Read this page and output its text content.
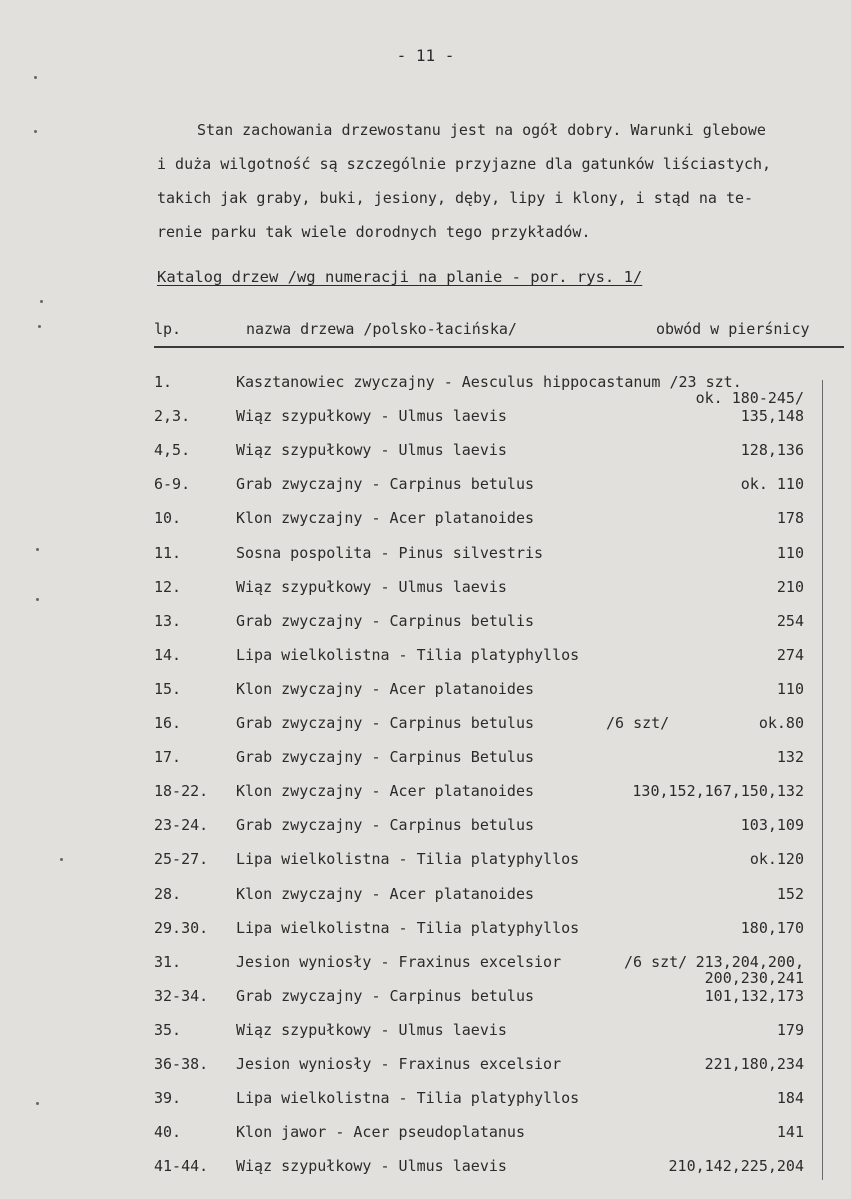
- 11 -
Stan zachowania drzewostanu jest na ogół dobry. Warunki glebowe
i duża wilgotność są szczególnie przyjazne dla gatunków liściastych,
takich jak graby, buki, jesiony, dęby, lipy i klony, i stąd na te-
renie parku tak wiele dorodnych tego przykładów.
Katalog drzew /wg numeracji na planie - por. rys. 1/
lp.	nazwa drzewa /polsko-łacińska/	obwód w pierśnicy
1.	Kasztanowiec zwyczajny - Aesculus hippocastanum /23 szt.
ok. 180-245/
2,3.	Wiąz szypułkowy - Ulmus laevis	135,148
4,5.	Wiąz szypułkowy - Ulmus laevis	128,136
6-9.	Grab zwyczajny - Carpinus betulus	ok. 110
10.	Klon zwyczajny - Acer platanoides	178
11.	Sosna pospolita - Pinus silvestris	110
12.	Wiąz szypułkowy - Ulmus laevis	210
13.	Grab zwyczajny - Carpinus betulis	254
14.	Lipa wielkolistna - Tilia platyphyllos	274
15.	Klon zwyczajny - Acer platanoides	110
16.	Grab zwyczajny - Carpinus betulus	/6 szt/	ok.80
17.	Grab zwyczajny - Carpinus Betulus	132
18-22. Klon zwyczajny - Acer platanoides	130,152,167,150,132
23-24. Grab zwyczajny - Carpinus betulus	103,109
25-27. Lipa wielkolistna - Tilia platyphyllos	ok.120
28.	Klon zwyczajny - Acer platanoides	152
29.30. Lipa wielkolistna - Tilia platyphyllos	180,170
31.	Jesion wyniosły - Fraxinus excelsior	/6 szt/ 213,204,200,
200,230,241
32-34. Grab zwyczajny - Carpinus betulus	101,132,173
35.	Wiąz szypułkowy - Ulmus laevis	179
36-38. Jesion wyniosły - Fraxinus excelsior	221,180,234
39.	Lipa wielkolistna - Tilia platyphyllos	184
40.	Klon jawor - Acer pseudoplatanus	141
41-44. Wiąz szypułkowy - Ulmus laevis	210,142,225,204
